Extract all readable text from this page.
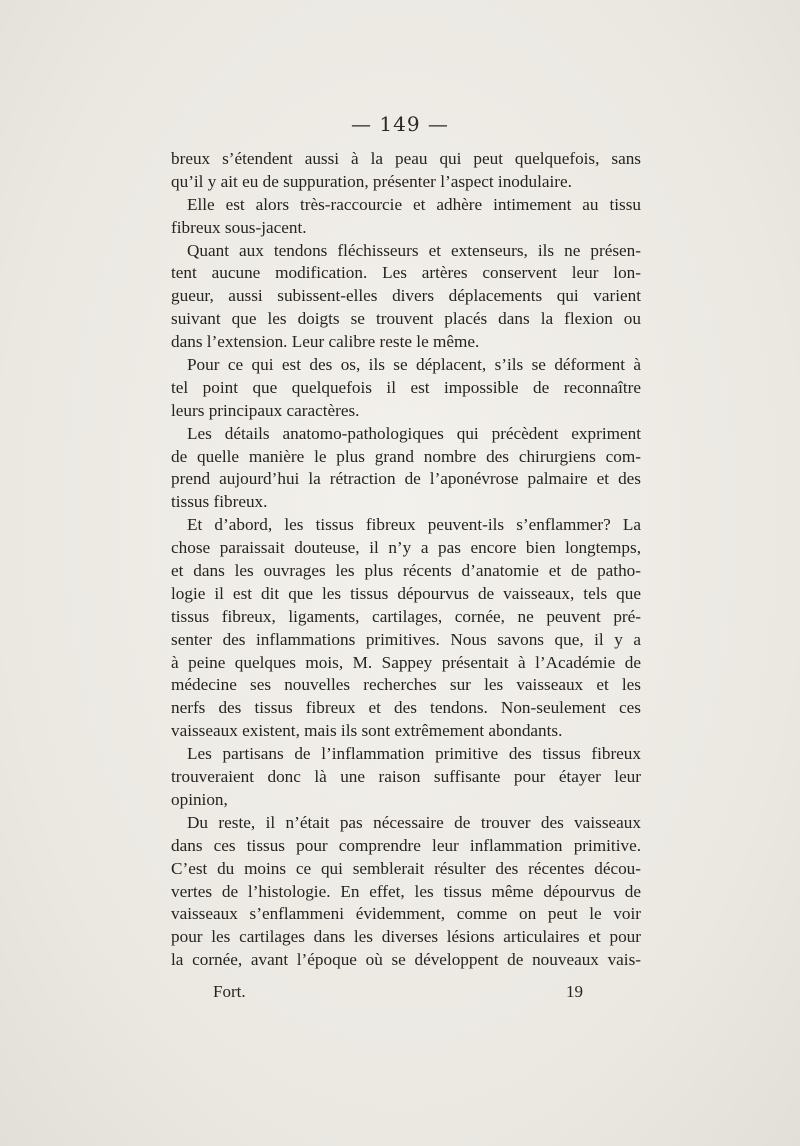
— 149 —
breux s’étendent aussi à la peau qui peut quelquefois, sans
qu’il y ait eu de suppuration, présenter l’aspect inodulaire.
Elle est alors très-raccourcie et adhère intimement au tissu
fibreux sous-jacent.
Quant aux tendons fléchisseurs et extenseurs, ils ne présen-
tent aucune modification. Les artères conservent leur lon-
gueur, aussi subissent-elles divers déplacements qui varient
suivant que les doigts se trouvent placés dans la flexion ou
dans l’extension. Leur calibre reste le même.
Pour ce qui est des os, ils se déplacent, s’ils se déforment à
tel point que quelquefois il est impossible de reconnaître
leurs principaux caractères.
Les détails anatomo-pathologiques qui précèdent expriment
de quelle manière le plus grand nombre des chirurgiens com-
prend aujourd’hui la rétraction de l’aponévrose palmaire et des
tissus fibreux.
Et d’abord, les tissus fibreux peuvent-ils s’enflammer? La
chose paraissait douteuse, il n’y a pas encore bien longtemps,
et dans les ouvrages les plus récents d’anatomie et de patho-
logie il est dit que les tissus dépourvus de vaisseaux, tels que
tissus fibreux, ligaments, cartilages, cornée, ne peuvent pré-
senter des inflammations primitives. Nous savons que, il y a
à peine quelques mois, M. Sappey présentait à l’Académie de
médecine ses nouvelles recherches sur les vaisseaux et les
nerfs des tissus fibreux et des tendons. Non-seulement ces
vaisseaux existent, mais ils sont extrêmement abondants.
Les partisans de l’inflammation primitive des tissus fibreux
trouveraient donc là une raison suffisante pour étayer leur
opinion,
Du reste, il n’était pas nécessaire de trouver des vaisseaux
dans ces tissus pour comprendre leur inflammation primitive.
C’est du moins ce qui semblerait résulter des récentes décou-
vertes de l’histologie. En effet, les tissus même dépourvus de
vaisseaux s’enflammeni évidemment, comme on peut le voir
pour les cartilages dans les diverses lésions articulaires et pour
la cornée, avant l’époque où se développent de nouveaux vais-
Fort.	19
